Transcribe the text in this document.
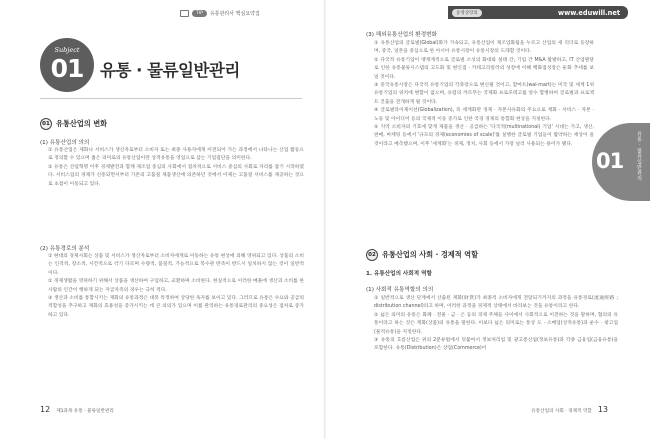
TIP	유통관리사 핵심요약집
Subject
01	유통 · 물류일반관리
01 유통산업의 변화
(1) 유통산업의 의의
① 유통산업은 제화나 서비스가 생산자로부터 소비자 또는 최종 사용자에게 이전되어 가는 과정에서 나타나는 산업 활동으로 정의할 수 있으며 좁은 의미로의 유통산업이란 상적유통을 영업으로 삼는 기업집단을 의미한다.
② 유통은 산업혁명 이후 경제발전과 함께 제조업 중심의 사회에서 점차적으로 서비스 중심의 사회로 자리를 잡기 시작하였다. 서비스업의 경제가 신흥되면서부터 기존의 고품질 제품생산에 의존하던 것에서 이제는 고품질 서비스를 제공하는 것으로 초점이 이동되고 있다.
(2) 유통경로의 분석
① 현대의 경제사회는 상품 및 서비스가 생산자로부터 소비자에게로 이동하는 유통 현상에 의해 영위되고 있다. 상품의 소비는 인격적, 장소적, 시간적으로 각기 다르며 수량적, 품질적, 가능적으로 복수관 반족이 반드시 일치하지 않는 것이 일반적이다.
② 경제생활을 영위하기 위해서 상품을 생산하여 구입하고, 교환하며 소비한다. 현실적으로 이러한 매몰에 생산과 소비를 한 사람의 인간이 행하게 되는 자급자족의 경우는 극히 적다.
③ 생산과 소비를 통합시키는 재화의 유통과정은 대폭 특정하여 상당한 독자를 보이고 있다. 그러므로 유통은 수요와 공급의 적합성을 추구하고 재화의 효용성을 증가시키는 데 큰 의의가 있으며 이를 관리하는 유통경로관리의 중요성은 점차로 증가하고 있다.
12 제1과목 유통 · 물류일반관리
동영상강의	www.eduwill.net
(3) 해외유통산업의 환경변화
① 유통산업의 글로벌(Global)화가 가속되고, 유통산업이 제조업화됨을 누르고 산업의 새 리더로 등장하며, 중국, 일본을 중심으로 한 아시아 유통시장이 유통시장의 도래할 것이다.
② 다국적 유통기업이 맹재계적으로 글로벌 소싱의 화대와 설태 간, 기업 간 M&A 활발하고, IT 산업발달로 인한 유통물류시스템의 고도화 및 현인점 · 카테고리킬러의 성장에 이해 백화점성장은 둔화 추세를 보일 것이다.
③ 중국유통시장은 다국적 유통기업의 각축장으로 변신될 것이고, 할마트(wal-mart)는 미국 및 세계 1위 유통기업의 위치에 변함이 없으며, 유럽의 까르푸는 국제화 프로모테고를 앞수 합병하여 글로벌과 프로젝트 진출을 전개하게 될 것이다.
④ 글로벌라이제이션(Globalization), 즉 세계화란 경제 · 자본사유화의 주요으로 재화 · 서비스 · 자본 · 노동 및 아이디어 등의 국제적 이동 증가로 인한 국경 경제의 통합화 현상을 지칭한다.
⑤ 지역 소비자의 기호에 맞게 제품을 생산 · 공급하는 '다국적(multinational) 기업' 시대는 가고, 생산, 판매, 마케팅 등에서 '규모의 경제(economies of scale)'를 실행한 글로벌 기업들이 활약하는 세상이 올 것이라고 예측했으며, 이후 '세계화'는 경제, 정치, 사회 등에서 가장 널리 사용되는 용어가 됐다.
01	유통 · 물류일반관리
02 유통산업의 사회 · 경제적 역할
1. 유통산업의 사회적 역할
(1) 사회적 유통역할의 의의
① 일반적으로 생산 단계에서 산출된 재화(財貨)가 최종적 소비자에게 전달되기까지의 과정을 유통경로(流通經路 ; distribution channel)라고 하며, 이러한 과정을 경제적 상태에서 바라보는 것을 유통이라고 한다.
② 넓은 의미의 유통은 화폐 · 전물 · 금 · 은 등의 경제 주체들 사이에서 사회적으로 이전하는 것을 말하며, 협의의 유통이라고 하는 것은 재화(상품)의 유통을 말한다. 이보다 넓은 의미로는 통상 도 · 소매업(상적유통)과 운수 · 창고업(물적유통)을 지칭한다.
③ 유통의 흐름산업은 위의 2분류법에서 덧붙여서 정보처리업 및 광고통신업(정보유통)과 각종 금융업(금융유통)을 포함한다. 유통(Distribution)은 상업(Commerce)이
유통산업의 사회 · 경제적 역할 13
